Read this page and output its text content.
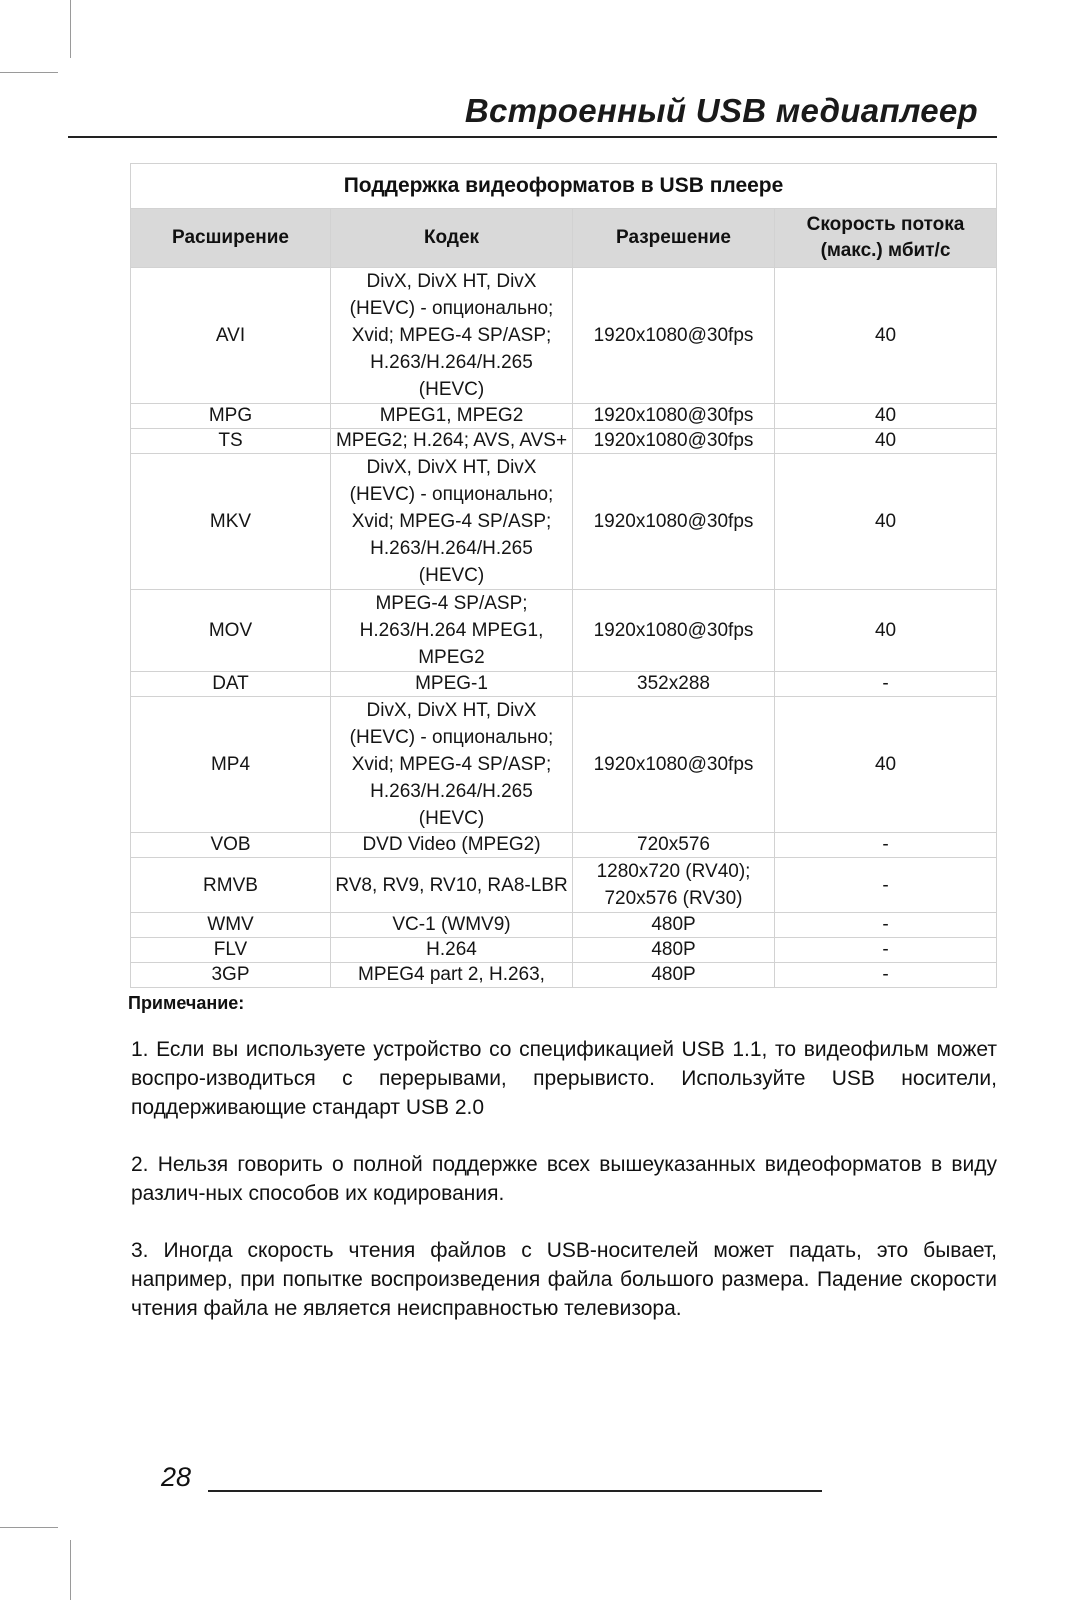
Встроенный USB медиаплеер
Поддержка видеоформатов в USB плеере			
Расширение	Кодек	Разрешение	Скорость потока (макс.) мбит/с
AVI	DivX, DivX HT, DivX (HEVC) - опционально; Xvid; MPEG-4 SP/ASP; H.263/H.264/H.265 (HEVC)	1920x1080@30fps	40
MPG	MPEG1, MPEG2	1920x1080@30fps	40
TS	MPEG2; H.264; AVS, AVS+	1920x1080@30fps	40
MKV	DivX, DivX HT, DivX (HEVC) - опционально; Xvid; MPEG-4 SP/ASP; H.263/H.264/H.265 (HEVC)	1920x1080@30fps	40
MOV	MPEG-4 SP/ASP; H.263/H.264 MPEG1, MPEG2	1920x1080@30fps	40
DAT	MPEG-1	352x288	-
MP4	DivX, DivX HT, DivX (HEVC) - опционально; Xvid; MPEG-4 SP/ASP; H.263/H.264/H.265 (HEVC)	1920x1080@30fps	40
VOB	DVD Video (MPEG2)	720x576	-
RMVB	RV8, RV9, RV10, RA8-LBR	1280x720 (RV40); 720x576 (RV30)	-
WMV	VC-1 (WMV9)	480P	-
FLV	H.264	480P	-
3GP	MPEG4 part 2, H.263,	480P	-
Примечание:

1. Если вы используете устройство со спецификацией USB 1.1, то видеофильм может воспро-изводиться с перерывами, прерывисто. Используйте USB носители, поддерживающие стандарт USB 2.0

2. Нельзя говорить о полной поддержке всех вышеуказанных видеоформатов в виду различ-ных способов их кодирования.

3. Иногда скорость чтения файлов с USB-носителей может падать, это бывает, например, при попытке воспроизведения файла большого размера. Падение скорости чтения файла не является неисправностью телевизора.

28
